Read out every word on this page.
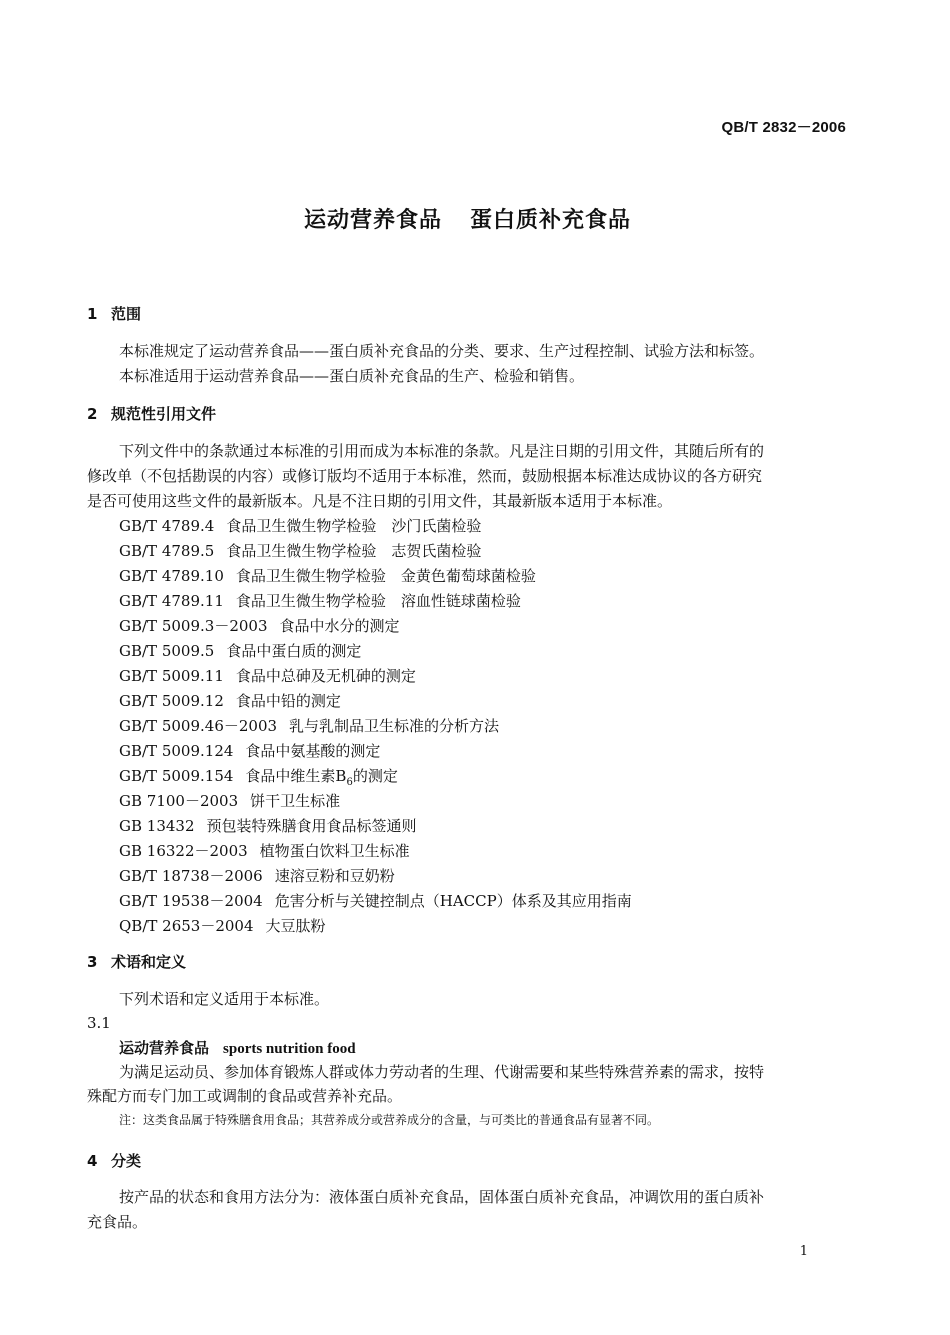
QB/T 2832－2006
运动营养食品 蛋白质补充食品
1 范围
本标准规定了运动营养食品——蛋白质补充食品的分类、要求、生产过程控制、试验方法和标签。
本标准适用于运动营养食品——蛋白质补充食品的生产、检验和销售。
2 规范性引用文件
下列文件中的条款通过本标准的引用而成为本标准的条款。凡是注日期的引用文件，其随后所有的
修改单（不包括勘误的内容）或修订版均不适用于本标准，然而，鼓励根据本标准达成协议的各方研究
是否可使用这些文件的最新版本。凡是不注日期的引用文件，其最新版本适用于本标准。
GB/T 4789.4 食品卫生微生物学检验　沙门氏菌检验
GB/T 4789.5 食品卫生微生物学检验　志贺氏菌检验
GB/T 4789.10 食品卫生微生物学检验　金黄色葡萄球菌检验
GB/T 4789.11 食品卫生微生物学检验　溶血性链球菌检验
GB/T 5009.3－2003 食品中水分的测定
GB/T 5009.5 食品中蛋白质的测定
GB/T 5009.11 食品中总砷及无机砷的测定
GB/T 5009.12 食品中铅的测定
GB/T 5009.46－2003 乳与乳制品卫生标准的分析方法
GB/T 5009.124 食品中氨基酸的测定
GB/T 5009.154 食品中维生素$B_6$的测定
GB 7100－2003 饼干卫生标准
GB 13432 预包装特殊膳食用食品标签通则
GB 16322－2003 植物蛋白饮料卫生标准
GB/T 18738－2006 速溶豆粉和豆奶粉
GB/T 19538－2004 危害分析与关键控制点（HACCP）体系及其应用指南
QB/T 2653－2004 大豆肽粉
3 术语和定义
下列术语和定义适用于本标准。
3.1
运动营养食品 sports nutrition food
为满足运动员、参加体育锻炼人群或体力劳动者的生理、代谢需要和某些特殊营养素的需求，按特
殊配方而专门加工或调制的食品或营养补充品。
注：这类食品属于特殊膳食用食品；其营养成分或营养成分的含量，与可类比的普通食品有显著不同。
4 分类
按产品的状态和食用方法分为：液体蛋白质补充食品，固体蛋白质补充食品，冲调饮用的蛋白质补
充食品。
1
